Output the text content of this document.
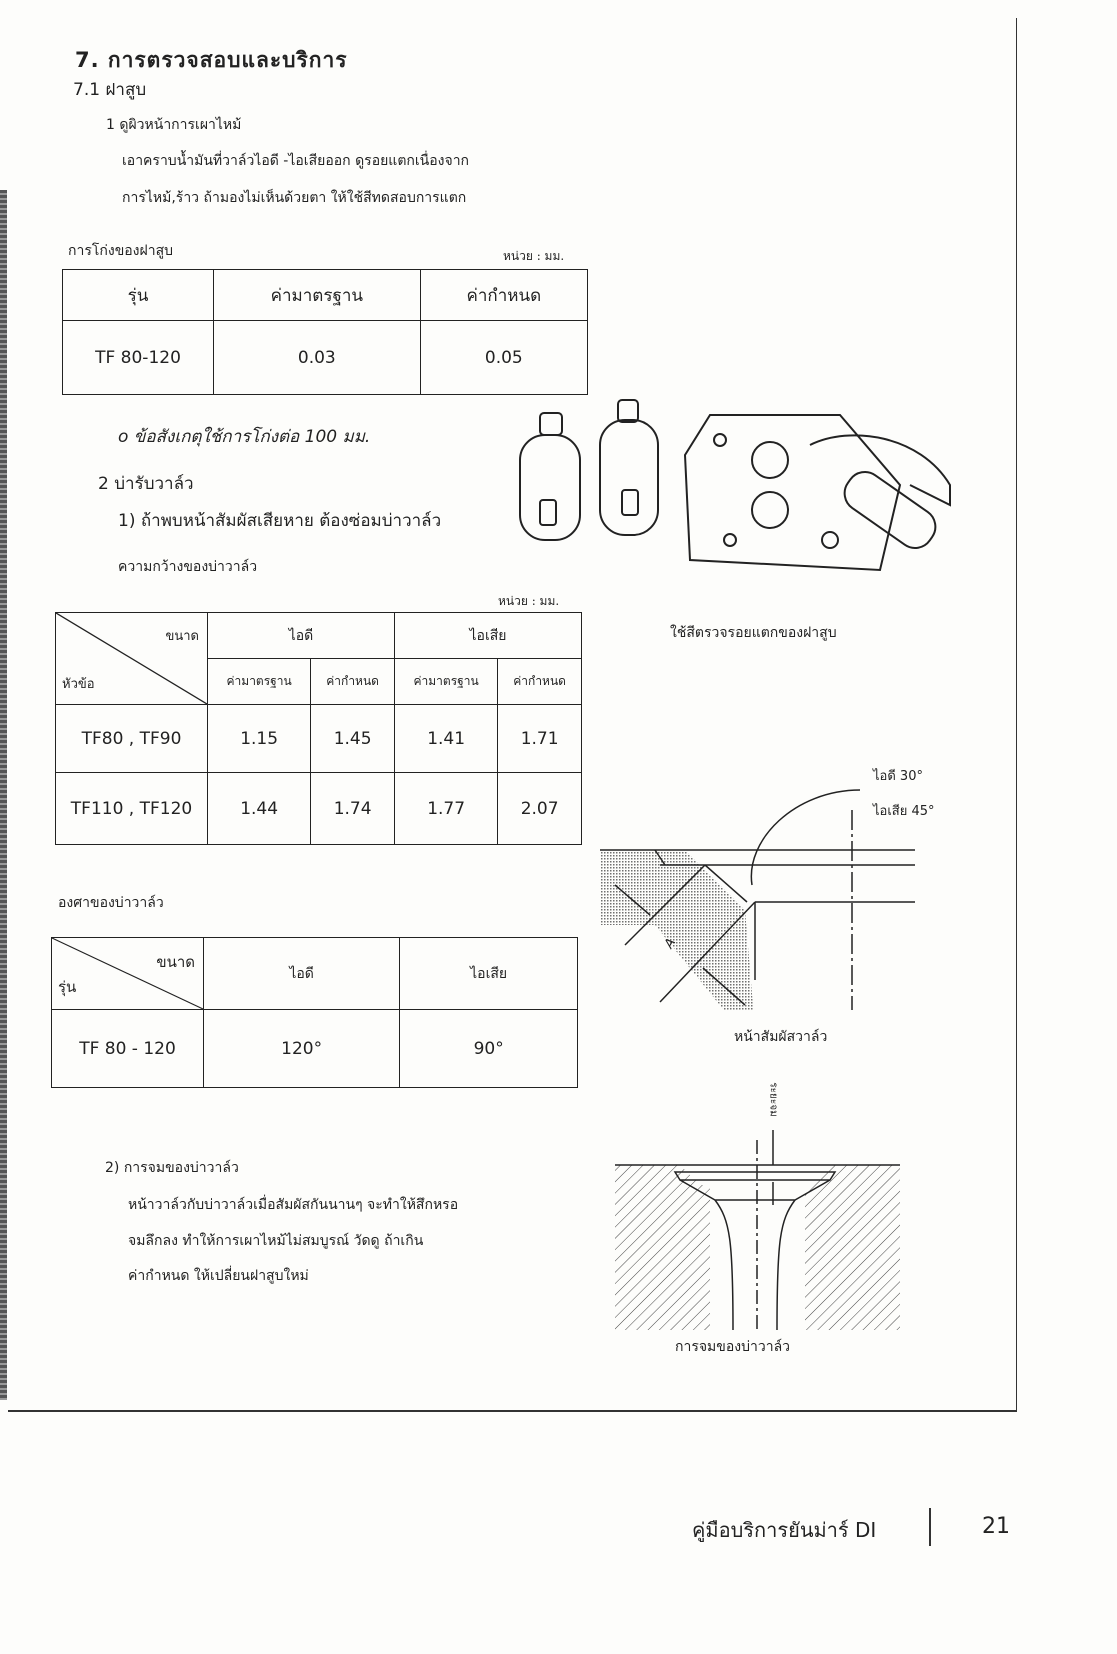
7. การตรวจสอบและบริการ
7.1 ฝาสูบ
1 ดูผิวหน้าการเผาไหม้
เอาคราบน้ำมันที่วาล์วไอดี -ไอเสียออก ดูรอยแตกเนื่องจาก
การไหม้,ร้าว ถ้ามองไม่เห็นด้วยตา ให้ใช้สีทดสอบการแตก
การโก่งของฝาสูบ	หน่วย : มม.
รุ่น	ค่ามาตรฐาน	ค่ากำหนด
TF 80-120	0.03	0.05
o ข้อสังเกตุใช้การโก่งต่อ 100 มม.
2 บ่ารับวาล์ว
1) ถ้าพบหน้าสัมผัสเสียหาย ต้องซ่อมบ่าวาล์ว
ความกว้างของบ่าวาล์ว
หน่วย : มม.
ขนาด
หัวข้อ	ไอดี		ไอเสีย	
	ค่ามาตรฐาน	ค่ากำหนด	ค่ามาตรฐาน	ค่ากำหนด
TF80 , TF90	1.15	1.45	1.41	1.71
TF110 , TF120	1.44	1.74	1.77	2.07
องศาของบ่าวาล์ว
ขนาด
รุ่น	ไอดี	ไอเสีย
TF 80 - 120	120°	90°
2) การจมของบ่าวาล์ว
หน้าวาล์วกับบ่าวาล์วเมื่อสัมผัสกันนานๆ จะทำให้สึกหรอ
จมลึกลง ทำให้การเผาไหม้ไม่สมบูรณ์ วัดดู ถ้าเกิน
ค่ากำหนด ให้เปลี่ยนฝาสูบใหม่
ใช้สีตรวจรอยแตกของฝาสูบ
ไอดี 30°
ไอเสีย 45°
A
หน้าสัมผัสวาล์ว
ระยะจม
การจมของบ่าวาล์ว
คู่มือบริการยันม่าร์ DI	21
